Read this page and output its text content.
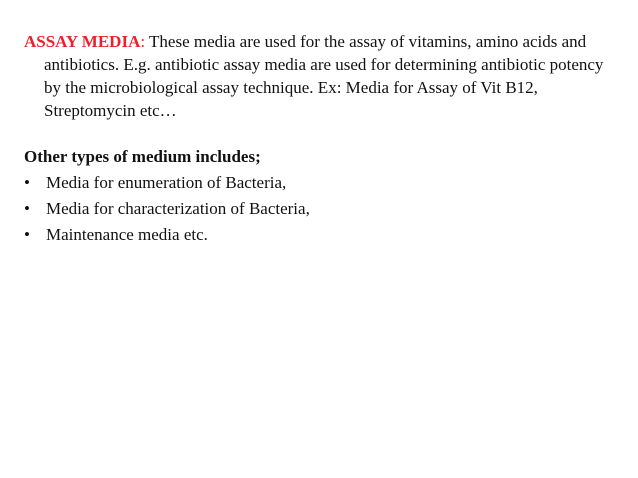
ASSAY MEDIA: These media are used for the assay of vitamins, amino acids and antibiotics. E.g. antibiotic assay media are used for determining antibiotic potency by the microbiological assay technique. Ex: Media for Assay of Vit B12, Streptomycin etc…

Other types of medium includes;

• Media for enumeration of Bacteria,
• Media for characterization of Bacteria,
• Maintenance media etc.
